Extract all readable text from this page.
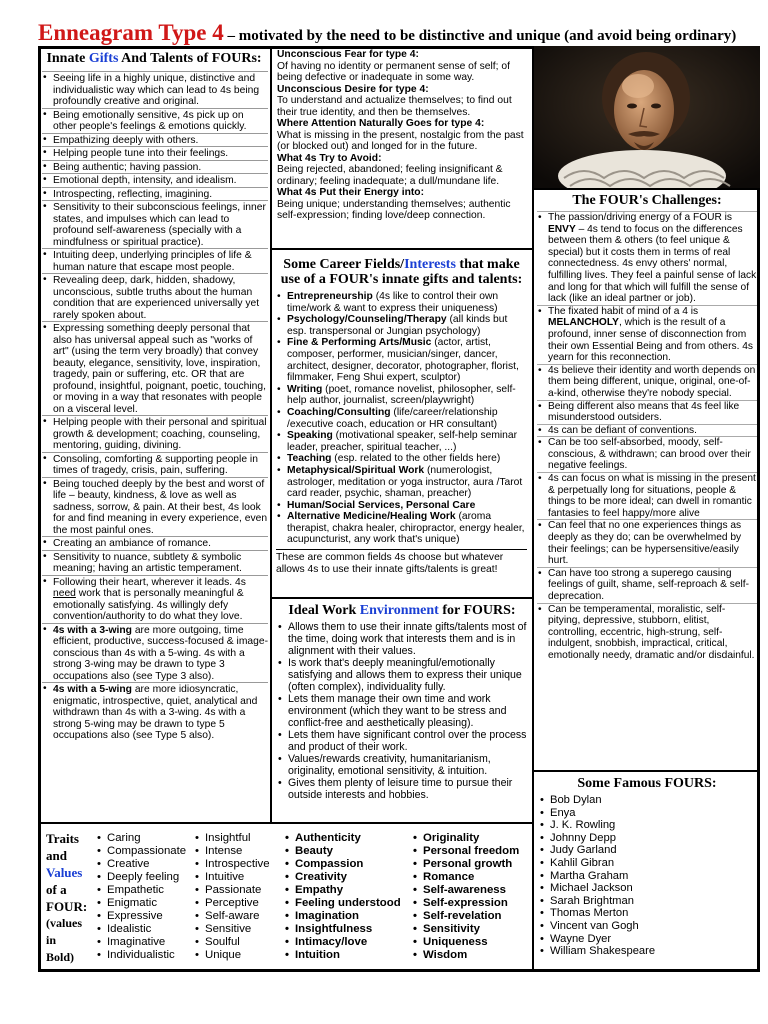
Enneagram Type 4 – motivated by the need to be distinctive and unique (and avoid being ordinary)
Innate Gifts And Talents of FOURs:
• Seeing life in a highly unique, distinctive and individualistic way which can lead to 4s being profoundly creative and original.
• Being emotionally sensitive, 4s pick up on other people's feelings & emotions quickly.
• Empathizing deeply with others.
• Helping people tune into their feelings.
• Being authentic; having passion.
• Emotional depth, intensity, and idealism.
• Introspecting, reflecting, imagining.
• Sensitivity to their subconscious feelings, inner states, and impulses which can lead to profound self-awareness (specially with a mindfulness or spiritual practice).
• Intuiting deep, underlying principles of life & human nature that escape most people.
• Revealing deep, dark, hidden, shadowy, unconscious, subtle truths about the human condition that are experienced universally yet rarely spoken about.
• Expressing something deeply personal that also has universal appeal such as "works of art" (using the term very broadly) that convey beauty, elegance, sensitivity, love, inspiration, tragedy, pain or suffering, etc. OR that are profound, insightful, poignant, poetic, touching, or moving in a way that resonates with people on a visceral level.
• Helping people with their personal and spiritual growth & development; coaching, counseling, mentoring, guiding, divining.
• Consoling, comforting & supporting people in times of tragedy, crisis, pain, suffering.
• Being touched deeply by the best and worst of life – beauty, kindness, & love as well as sadness, sorrow, & pain. At their best, 4s look for and find meaning in every experience, even the most painful ones.
• Creating an ambiance of romance.
• Sensitivity to nuance, subtlety & symbolic meaning; having an artistic temperament.
• Following their heart, wherever it leads. 4s need work that is personally meaningful & emotionally satisfying. 4s willingly defy convention/authority to do what they love.
• 4s with a 3-wing are more outgoing, time efficient, productive, success-focused & image-conscious than 4s with a 5-wing. 4s with a strong 3-wing may be drawn to type 3 occupations also (see Type 3 also).
• 4s with a 5-wing are more idiosyncratic, enigmatic, introspective, quiet, analytical and withdrawn than 4s with a 3-wing. 4s with a strong 5-wing may be drawn to type 5 occupations also (see Type 5 also).
Unconscious Fear for type 4:
Of having no identity or permanent sense of self; of being defective or inadequate in some way.
Unconscious Desire for type 4:
To understand and actualize themselves; to find out their true identity, and then be themselves.
Where Attention Naturally Goes for type 4:
What is missing in the present, nostalgic from the past (or blocked out) and longed for in the future.
What 4s Try to Avoid:
Being rejected, abandoned; feeling insignificant & ordinary; feeling inadequate; a dull/mundane life.
What 4s Put their Energy into:
Being unique; understanding themselves; authentic self-expression; finding love/deep connection.
Some Career Fields/Interests that make use of a FOUR's innate gifts and talents:
• Entrepreneurship (4s like to control their own time/work & want to express their uniqueness)
• Psychology/Counseling/Therapy (all kinds but esp. transpersonal or Jungian psychology)
• Fine & Performing Arts/Music (actor, artist, composer, performer, musician/singer, dancer, architect, designer, decorator, photographer, florist, filmmaker, Feng Shui expert, sculptor)
• Writing (poet, romance novelist, philosopher, self-help author, journalist, screen/playwright)
• Coaching/Consulting (life/career/relationship /executive coach, education or HR consultant)
• Speaking (motivational speaker, self-help seminar leader, preacher, spiritual teacher, ...)
• Teaching (esp. related to the other fields here)
• Metaphysical/Spiritual Work (numerologist, astrologer, meditation or yoga instructor, aura /Tarot card reader, psychic, shaman, preacher)
• Human/Social Services, Personal Care
• Alternative Medicine/Healing Work (aroma therapist, chakra healer, chiropractor, energy healer, acupuncturist, any work that's unique)
These are common fields 4s choose but whatever allows 4s to use their innate gifts/talents is great!
Ideal Work Environment for FOURS:
• Allows them to use their innate gifts/talents most of the time, doing work that interests them and is in alignment with their values.
• Is work that's deeply meaningful/emotionally satisfying and allows them to express their unique (often complex), individuality fully.
• Lets them manage their own time and work environment (which they want to be stress and conflict-free and aesthetically pleasing).
• Lets them have significant control over the process and product of their work.
• Values/rewards creativity, humanitarianism, originality, emotional sensitivity, & intuition.
• Gives them plenty of leisure time to pursue their outside interests and hobbies.
The FOUR's Challenges:
• The passion/driving energy of a FOUR is ENVY – 4s tend to focus on the differences between them & others (to feel unique & special) but it costs them in terms of real connectedness. 4s envy others' normal, fulfilling lives. They feel a painful sense of lack and long for that which will fulfill the sense of lack (like an ideal partner or job).
• The fixated habit of mind of a 4 is MELANCHOLY, which is the result of a profound, inner sense of disconnection from their own Essential Being and from others. 4s yearn for this reconnection.
• 4s believe their identity and worth depends on them being different, unique, original, one-of-a-kind, otherwise they're nobody special.
• Being different also means that 4s feel like misunderstood outsiders.
• 4s can be defiant of conventions.
• Can be too self-absorbed, moody, self-conscious, & withdrawn; can brood over their negative feelings.
• 4s can focus on what is missing in the present & perpetually long for situations, people & things to be more ideal; can dwell in romantic fantasies to feel happy/more alive
• Can feel that no one experiences things as deeply as they do; can be overwhelmed by their feelings; can be hypersensitive/easily hurt.
• Can have too strong a superego causing feelings of guilt, shame, self-reproach & self-deprecation.
• Can be temperamental, moralistic, self-pitying, depressive, stubborn, elitist, controlling, eccentric, high-strung, self-indulgent, snobbish, impractical, critical, emotionally needy, dramatic and/or disdainful.
Some Famous FOURS:
• Bob Dylan
• Enya
• J. K. Rowling
• Johnny Depp
• Judy Garland
• Kahlil Gibran
• Martha Graham
• Michael Jackson
• Sarah Brightman
• Thomas Merton
• Vincent van Gogh
• Wayne Dyer
• William Shakespeare
Traits
and
Values
of a
FOUR:
(values
in
Bold)
• Caring
• Compassionate
• Creative
• Deeply feeling
• Empathetic
• Enigmatic
• Expressive
• Idealistic
• Imaginative
• Individualistic
• Insightful
• Intense
• Introspective
• Intuitive
• Passionate
• Perceptive
• Self-aware
• Sensitive
• Soulful
• Unique
• Authenticity
• Beauty
• Compassion
• Creativity
• Empathy
• Feeling understood
• Imagination
• Insightfulness
• Intimacy/love
• Intuition
• Originality
• Personal freedom
• Personal growth
• Romance
• Self-awareness
• Self-expression
• Self-revelation
• Sensitivity
• Uniqueness
• Wisdom
